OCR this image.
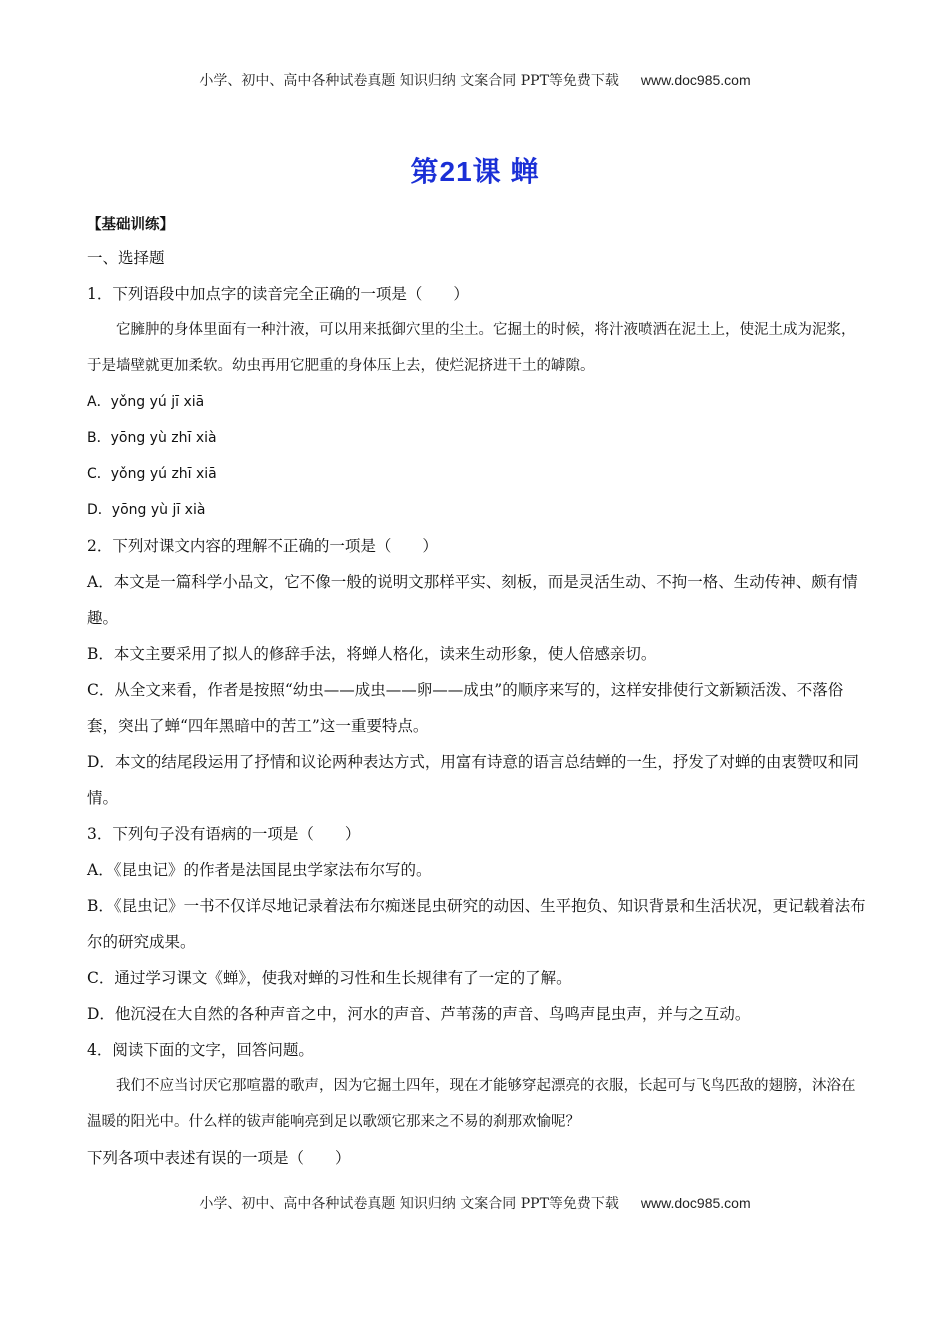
小学、初中、高中各种试卷真题 知识归纳 文案合同 PPT等免费下载 www.doc985.com
第21课 蝉
【基础训练】
一、选择题
1．下列语段中加点字的读音完全正确的一项是（　　）

它臃肿的身体里面有一种汁液，可以用来抵御穴里的尘土。它掘土的时候，将汁液喷洒在泥土上，使泥土成为泥浆，于是墙壁就更加柔软。幼虫再用它肥重的身体压上去，使烂泥挤进干土的罅隙。

A．yǒng yú jī xiā
B．yōng yù zhī xià
C．yǒng yú zhī xiā
D．yōng yù jī xià
2．下列对课文内容的理解不正确的一项是（　　）
A．本文是一篇科学小品文，它不像一般的说明文那样平实、刻板，而是灵活生动、不拘一格、生动传神、颇有情趣。
B．本文主要采用了拟人的修辞手法，将蝉人格化，读来生动形象，使人倍感亲切。
C．从全文来看，作者是按照“幼虫——成虫——卵——成虫”的顺序来写的，这样安排使行文新颖活泼、不落俗套，突出了蝉“四年黑暗中的苦工”这一重要特点。
D．本文的结尾段运用了抒情和议论两种表达方式，用富有诗意的语言总结蝉的一生，抒发了对蝉的由衷赞叹和同情。
3．下列句子没有语病的一项是（　　）
A．《昆虫记》的作者是法国昆虫学家法布尔写的。
B．《昆虫记》一书不仅详尽地记录着法布尔痴迷昆虫研究的动因、生平抱负、知识背景和生活状况，更记载着法布尔的研究成果。
C．通过学习课文《蝉》，使我对蝉的习性和生长规律有了一定的了解。
D．他沉浸在大自然的各种声音之中，河水的声音、芦苇荡的声音、鸟鸣声昆虫声，并与之互动。
4．阅读下面的文字，回答问题。

我们不应当讨厌它那喧嚣的歌声，因为它掘土四年，现在才能够穿起漂亮的衣服，长起可与飞鸟匹敌的翅膀，沐浴在温暖的阳光中。什么样的钹声能响亮到足以歌颂它那来之不易的刹那欢愉呢？

下列各项中表述有误的一项是（　　）
小学、初中、高中各种试卷真题 知识归纳 文案合同 PPT等免费下载 www.doc985.com
